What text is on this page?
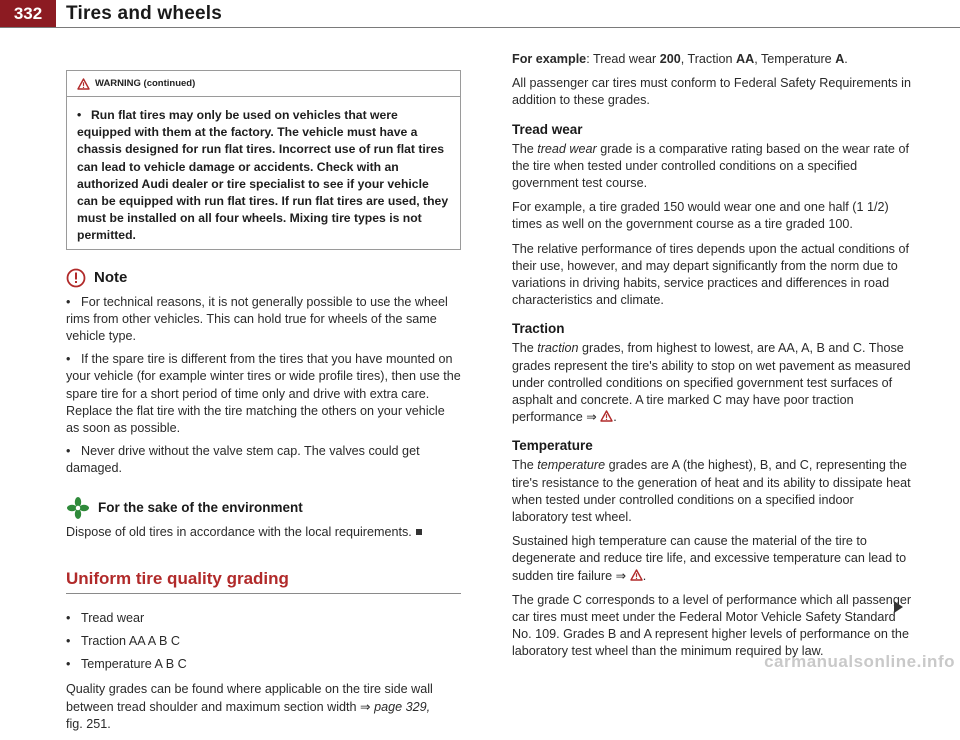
332	Tires and wheels
WARNING (continued)
• Run flat tires may only be used on vehicles that were equipped with them at the factory. The vehicle must have a chassis designed for run flat tires. Incorrect use of run flat tires can lead to vehicle damage or accidents. Check with an authorized Audi dealer or tire specialist to see if your vehicle can be equipped with run flat tires. If run flat tires are used, they must be installed on all four wheels. Mixing tire types is not permitted.
Note
• For technical reasons, it is not generally possible to use the wheel rims from other vehicles. This can hold true for wheels of the same vehicle type.
• If the spare tire is different from the tires that you have mounted on your vehicle (for example winter tires or wide profile tires), then use the spare tire for a short period of time only and drive with extra care. Replace the flat tire with the tire matching the others on your vehicle as soon as possible.
• Never drive without the valve stem cap. The valves could get damaged.
For the sake of the environment

Dispose of old tires in accordance with the local requirements.

Uniform tire quality grading
• Tread wear
• Traction AA A B C
• Temperature A B C

Quality grades can be found where applicable on the tire side wall between tread shoulder and maximum section width ⇒ page 329,
fig. 251.

For example: Tread wear 200, Traction AA, Temperature A.

All passenger car tires must conform to Federal Safety Requirements in addition to these grades.

Tread wear

The tread wear grade is a comparative rating based on the wear rate of the tire when tested under controlled conditions on a specified government test course.

For example, a tire graded 150 would wear one and one half (1 1/2) times as well on the government course as a tire graded 100.

The relative performance of tires depends upon the actual conditions of their use, however, and may depart significantly from the norm due to variations in driving habits, service practices and differences in road characteristics and climate.

Traction

The traction grades, from highest to lowest, are AA, A, B and C. Those grades represent the tire's ability to stop on wet pavement as measured under controlled conditions on specified government test surfaces of asphalt and concrete. A tire marked C may have poor traction performance ⇒ .

Temperature

The temperature grades are A (the highest), B, and C, representing the tire's resistance to the generation of heat and its ability to dissipate heat when tested under controlled conditions on a specified indoor laboratory test wheel.

Sustained high temperature can cause the material of the tire to degenerate and reduce tire life, and excessive temperature can lead to sudden tire failure ⇒ .

The grade C corresponds to a level of performance which all passenger car tires must meet under the Federal Motor Vehicle Safety Standard No. 109. Grades B and A represent higher levels of performance on the laboratory test wheel than the minimum required by law.

carmanualsonline.info
